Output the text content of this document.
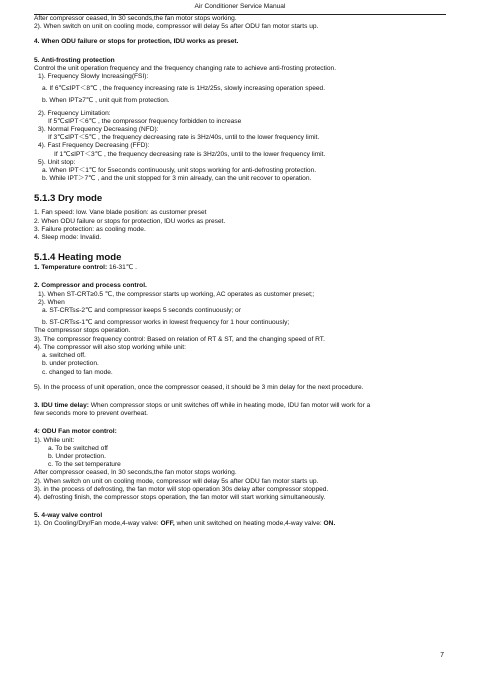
Air Conditioner Service Manual
After compressor ceased, In 30 seconds,the fan motor stops working.
2). When switch on unit on cooling mode, compressor will delay 5s after ODU fan motor starts up.
4. When ODU failure or stops for protection, IDU works as preset.
5. Anti-frosting protection
Control the unit operation frequency and the frequency changing rate to achieve anti-frosting protection.
1). Frequency Slowly Increasing(FSI):
a. If 6℃≤IPT＜8℃ , the frequency increasing rate is 1Hz/25s, slowly increasing operation speed.
b. When IPT≥7℃ , unit quit from protection.
2). Frequency Limitation:
If 5℃≤IPT＜6℃ , the compressor frequency forbidden to increase
3). Normal Frequency Decreasing (NFD):
If 3℃≤IPT＜5℃ , the frequency decreasing rate is 3Hz/40s, until to the lower frequency limit.
4). Fast Frequency Decreasing (FFD):
If 1℃≤IPT＜3℃ , the frequency decreasing rate is 3Hz/20s, until to the lower frequency limit.
5). Unit stop:
a. When IPT＜1℃ for 5seconds continuously, unit stops working for anti-defrosting protection.
b. While IPT＞7℃ , and the unit stopped for 3 min already, can the unit recover to operation.
5.1.3 Dry mode
1. Fan speed: low. Vane blade position: as customer preset
2. When ODU failure or stops for protection, IDU works as preset.
3. Failure protection: as cooling mode.
4. Sleep mode: Invalid.
5.1.4 Heating mode
1. Temperature control: 16-31℃ .
2. Compressor and process control.
1). When ST-CRT≥0.5 ℃, the compressor starts up working, AC operates as customer preset;;
2). When
a. ST-CRTs≤-2℃ and compressor keeps 5 seconds continuously; or
b. ST-CRTs≤-1℃ and compressor works in lowest frequency for 1 hour continuously;
The compressor stops operation.
3). The compressor frequency control: Based on relation of RT & ST, and the changing speed of RT.
4). The compressor will also stop working while unit:
a. switched off.
b. under protection.
c. changed to fan mode.
5). In the process of unit operation, once the compressor ceased, it should be 3 min delay for the next procedure.
3. IDU time delay: When compressor stops or unit switches off while in heating mode, IDU fan motor will work for a
few seconds more to prevent overheat.
4: ODU Fan motor control:
1). While unit:
a. To be switched off
b. Under protection.
c. To the set temperature
After compressor ceased, In 30 seconds,the fan motor stops working.
2). When switch on unit on cooling mode, compressor will delay 5s after ODU fan motor starts up.
3). in the process of defrosting, the fan motor will stop operation 30s delay after compressor stopped.
4). defrosting finish, the compressor stops operation, the fan motor will start working simultaneously.
5. 4-way valve control
1). On Cooling/Dry/Fan mode,4-way valve: OFF, when unit switched on heating mode,4-way valve: ON.
7
